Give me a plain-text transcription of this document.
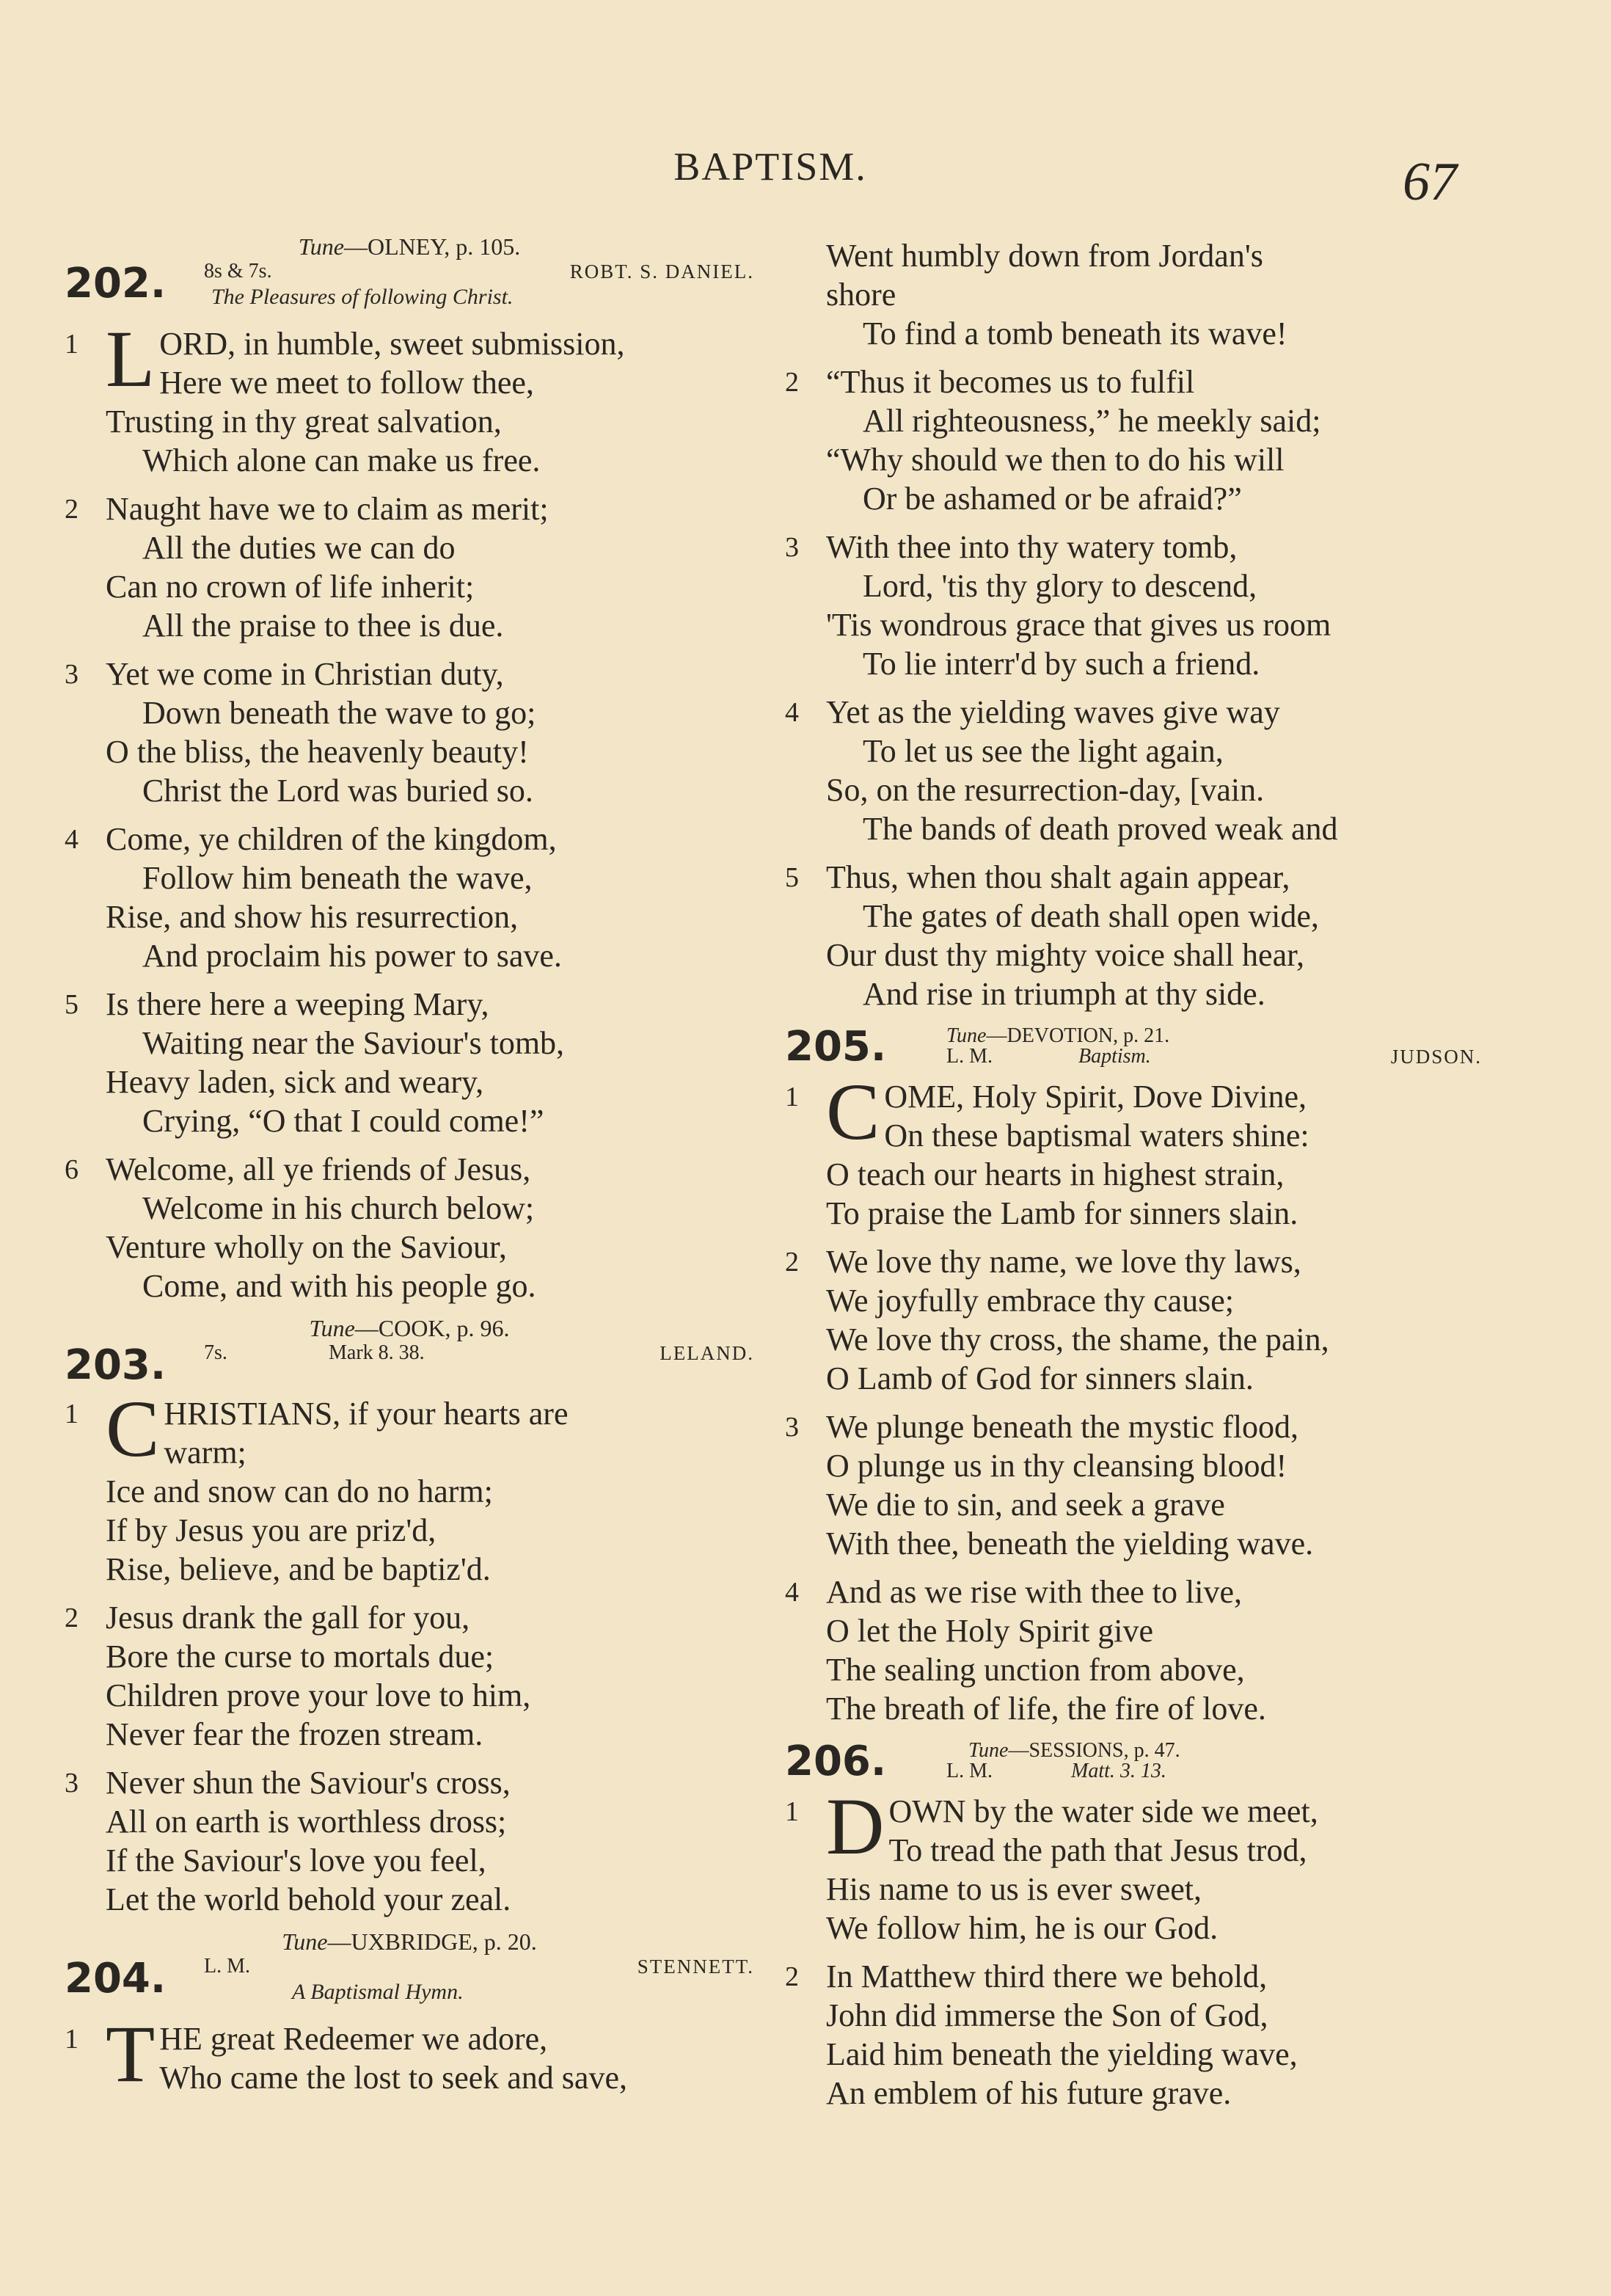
BAPTISM.	67
Tune—OLNEY, p. 105.
202. 8s & 7s.	ROBT. S. DANIEL.
The Pleasures of following Christ.
1 L ORD, in humble, sweet submission,
Here we meet to follow thee,
Trusting in thy great salvation,
Which alone can make us free.
2 Naught have we to claim as merit;
All the duties we can do
Can no crown of life inherit;
All the praise to thee is due.
3 Yet we come in Christian duty,
Down beneath the wave to go;
O the bliss, the heavenly beauty!
Christ the Lord was buried so.
4 Come, ye children of the kingdom,
Follow him beneath the wave,
Rise, and show his resurrection,
And proclaim his power to save.
5 Is there here a weeping Mary,
Waiting near the Saviour's tomb,
Heavy laden, sick and weary,
Crying, “O that I could come!”
6 Welcome, all ye friends of Jesus,
Welcome in his church below;
Venture wholly on the Saviour,
Come, and with his people go.
Tune—COOK, p. 96.
203. 7s.	Mark 8. 38.	LELAND.
1 C HRISTIANS, if your hearts are
warm;
Ice and snow can do no harm;
If by Jesus you are priz'd,
Rise, believe, and be baptiz'd.
2 Jesus drank the gall for you,
Bore the curse to mortals due;
Children prove your love to him,
Never fear the frozen stream.
3 Never shun the Saviour's cross,
All on earth is worthless dross;
If the Saviour's love you feel,
Let the world behold your zeal.
Tune—UXBRIDGE, p. 20.
204. L. M.	STENNETT.
A Baptismal Hymn.
1 T HE great Redeemer we adore,
Who came the lost to seek and save,
Went humbly down from Jordan's
shore
To find a tomb beneath its wave!
2 “Thus it becomes us to fulfil
All righteousness,” he meekly said;
“Why should we then to do his will
Or be ashamed or be afraid?”
3 With thee into thy watery tomb,
Lord, 'tis thy glory to descend,
'Tis wondrous grace that gives us room
To lie interr'd by such a friend.
4 Yet as the yielding waves give way
To let us see the light again,
So, on the resurrection-day, [vain.
The bands of death proved weak and
5 Thus, when thou shalt again appear,
The gates of death shall open wide,
Our dust thy mighty voice shall hear,
And rise in triumph at thy side.
205.	Tune—DEVOTION, p. 21.
L. M.	Baptism.	JUDSON.
1 C OME, Holy Spirit, Dove Divine,
On these baptismal waters shine:
O teach our hearts in highest strain,
To praise the Lamb for sinners slain.
2 We love thy name, we love thy laws,
We joyfully embrace thy cause;
We love thy cross, the shame, the pain,
O Lamb of God for sinners slain.
3 We plunge beneath the mystic flood,
O plunge us in thy cleansing blood!
We die to sin, and seek a grave
With thee, beneath the yielding wave.
4 And as we rise with thee to live,
O let the Holy Spirit give
The sealing unction from above,
The breath of life, the fire of love.
206.	Tune—SESSIONS, p. 47.
L. M.	Matt. 3. 13.
1 D OWN by the water side we meet,
To tread the path that Jesus trod,
His name to us is ever sweet,
We follow him, he is our God.
2 In Matthew third there we behold,
John did immerse the Son of God,
Laid him beneath the yielding wave,
An emblem of his future grave.
